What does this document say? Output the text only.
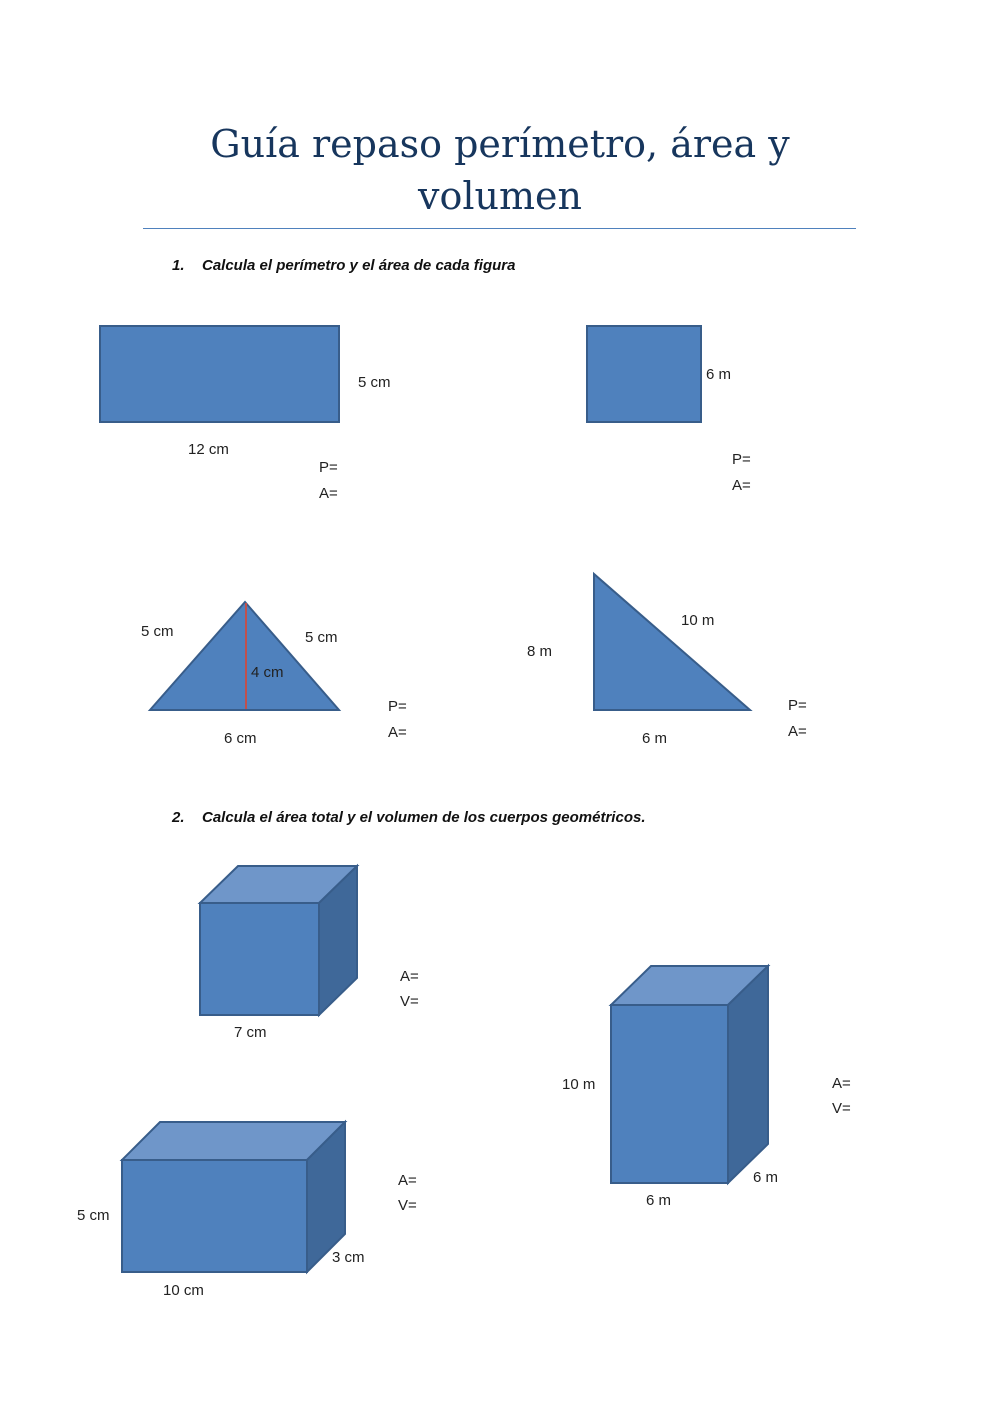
Guía repaso perímetro, área y
volumen
1. Calcula el perímetro y el área de cada figura
5 cm
12 cm
P=
A=
6 m
P=
A=
5 cm	5 cm
4 cm
6 cm
P=
A=
10 m
8 m
6 m
P=
A=
2. Calcula el área total y el volumen de los cuerpos geométricos.
7 cm
A=
V=
10 m
6 m
6 m
A=
V=
5 cm
10 cm
3 cm
A=
V=
